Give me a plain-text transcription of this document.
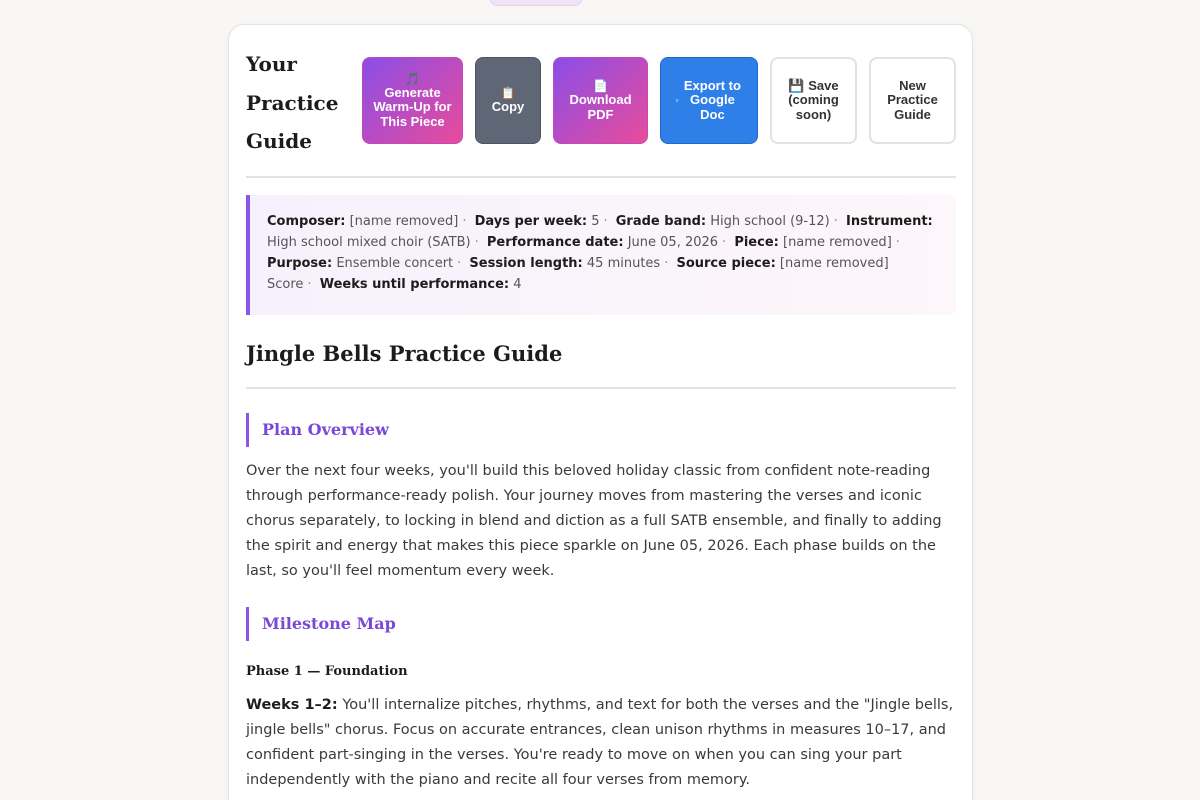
Your Practice Guide
🎵
Generate Warm-Up for This Piece
📋
Copy
📄
Download PDF
▫
Export to Google Doc
💾 Save (coming soon)
New Practice Guide
Composer: [name removed] · Days per week: 5 · Grade band: High school (9-12) · Instrument: High school mixed choir (SATB) · Performance date: June 05, 2026 · Piece: [name removed] · Purpose: Ensemble concert · Session length: 45 minutes · Source piece: [name removed] Score · Weeks until performance: 4
Jingle Bells Practice Guide
Plan Overview

Over the next four weeks, you'll build this beloved holiday classic from confident note-reading through performance-ready polish. Your journey moves from mastering the verses and iconic chorus separately, to locking in blend and diction as a full SATB ensemble, and finally to adding the spirit and energy that makes this piece sparkle on June 05, 2026. Each phase builds on the last, so you'll feel momentum every week.

Milestone Map
Phase 1 — Foundation

Weeks 1–2: You'll internalize pitches, rhythms, and text for both the verses and the "Jingle bells, jingle bells" chorus. Focus on accurate entrances, clean unison rhythms in measures 10–17, and confident part-singing in the verses. You're ready to move on when you can sing your part independently with the piano and recite all four verses from memory.
